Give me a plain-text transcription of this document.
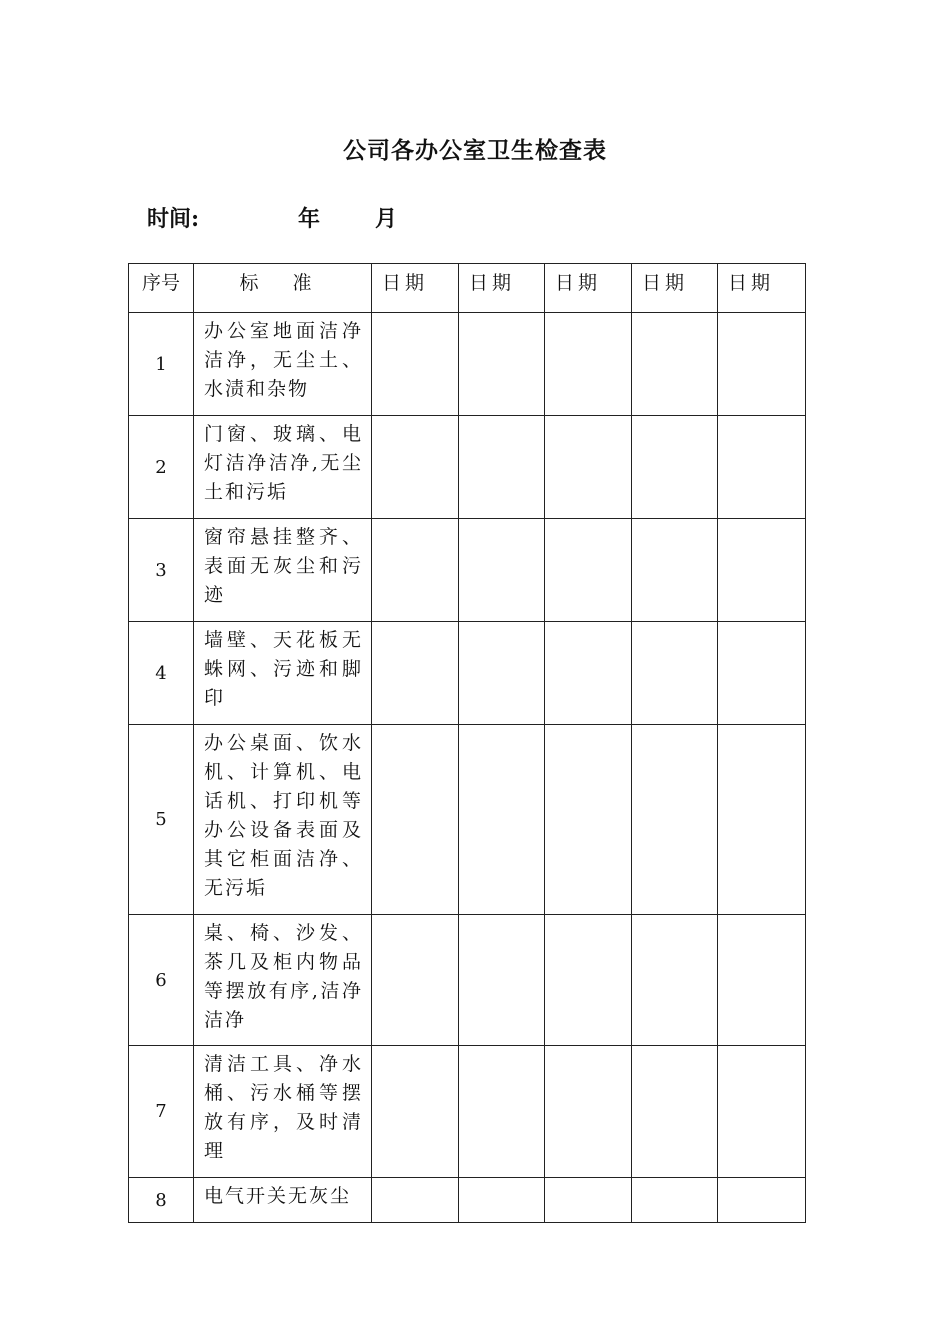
公司各办公室卫生检查表
时间:	年 月
序号	标 准	日期	日期	日期	日期	日期
1	办公室地面洁净洁净，无尘土、水渍和杂物					
2	门窗、玻璃、电灯洁净洁净,无尘土和污垢					
3	窗帘悬挂整齐、表面无灰尘和污迹					
4	墙壁、天花板无蛛网、污迹和脚印					
5	办公桌面、饮水机、计算机、电话机、打印机等办公设备表面及其它柜面洁净、无污垢					
6	桌、椅、沙发、茶几及柜内物品等摆放有序,洁净洁净					
7	清洁工具、净水桶、污水桶等摆放有序，及时清理					
8	电气开关无灰尘					
